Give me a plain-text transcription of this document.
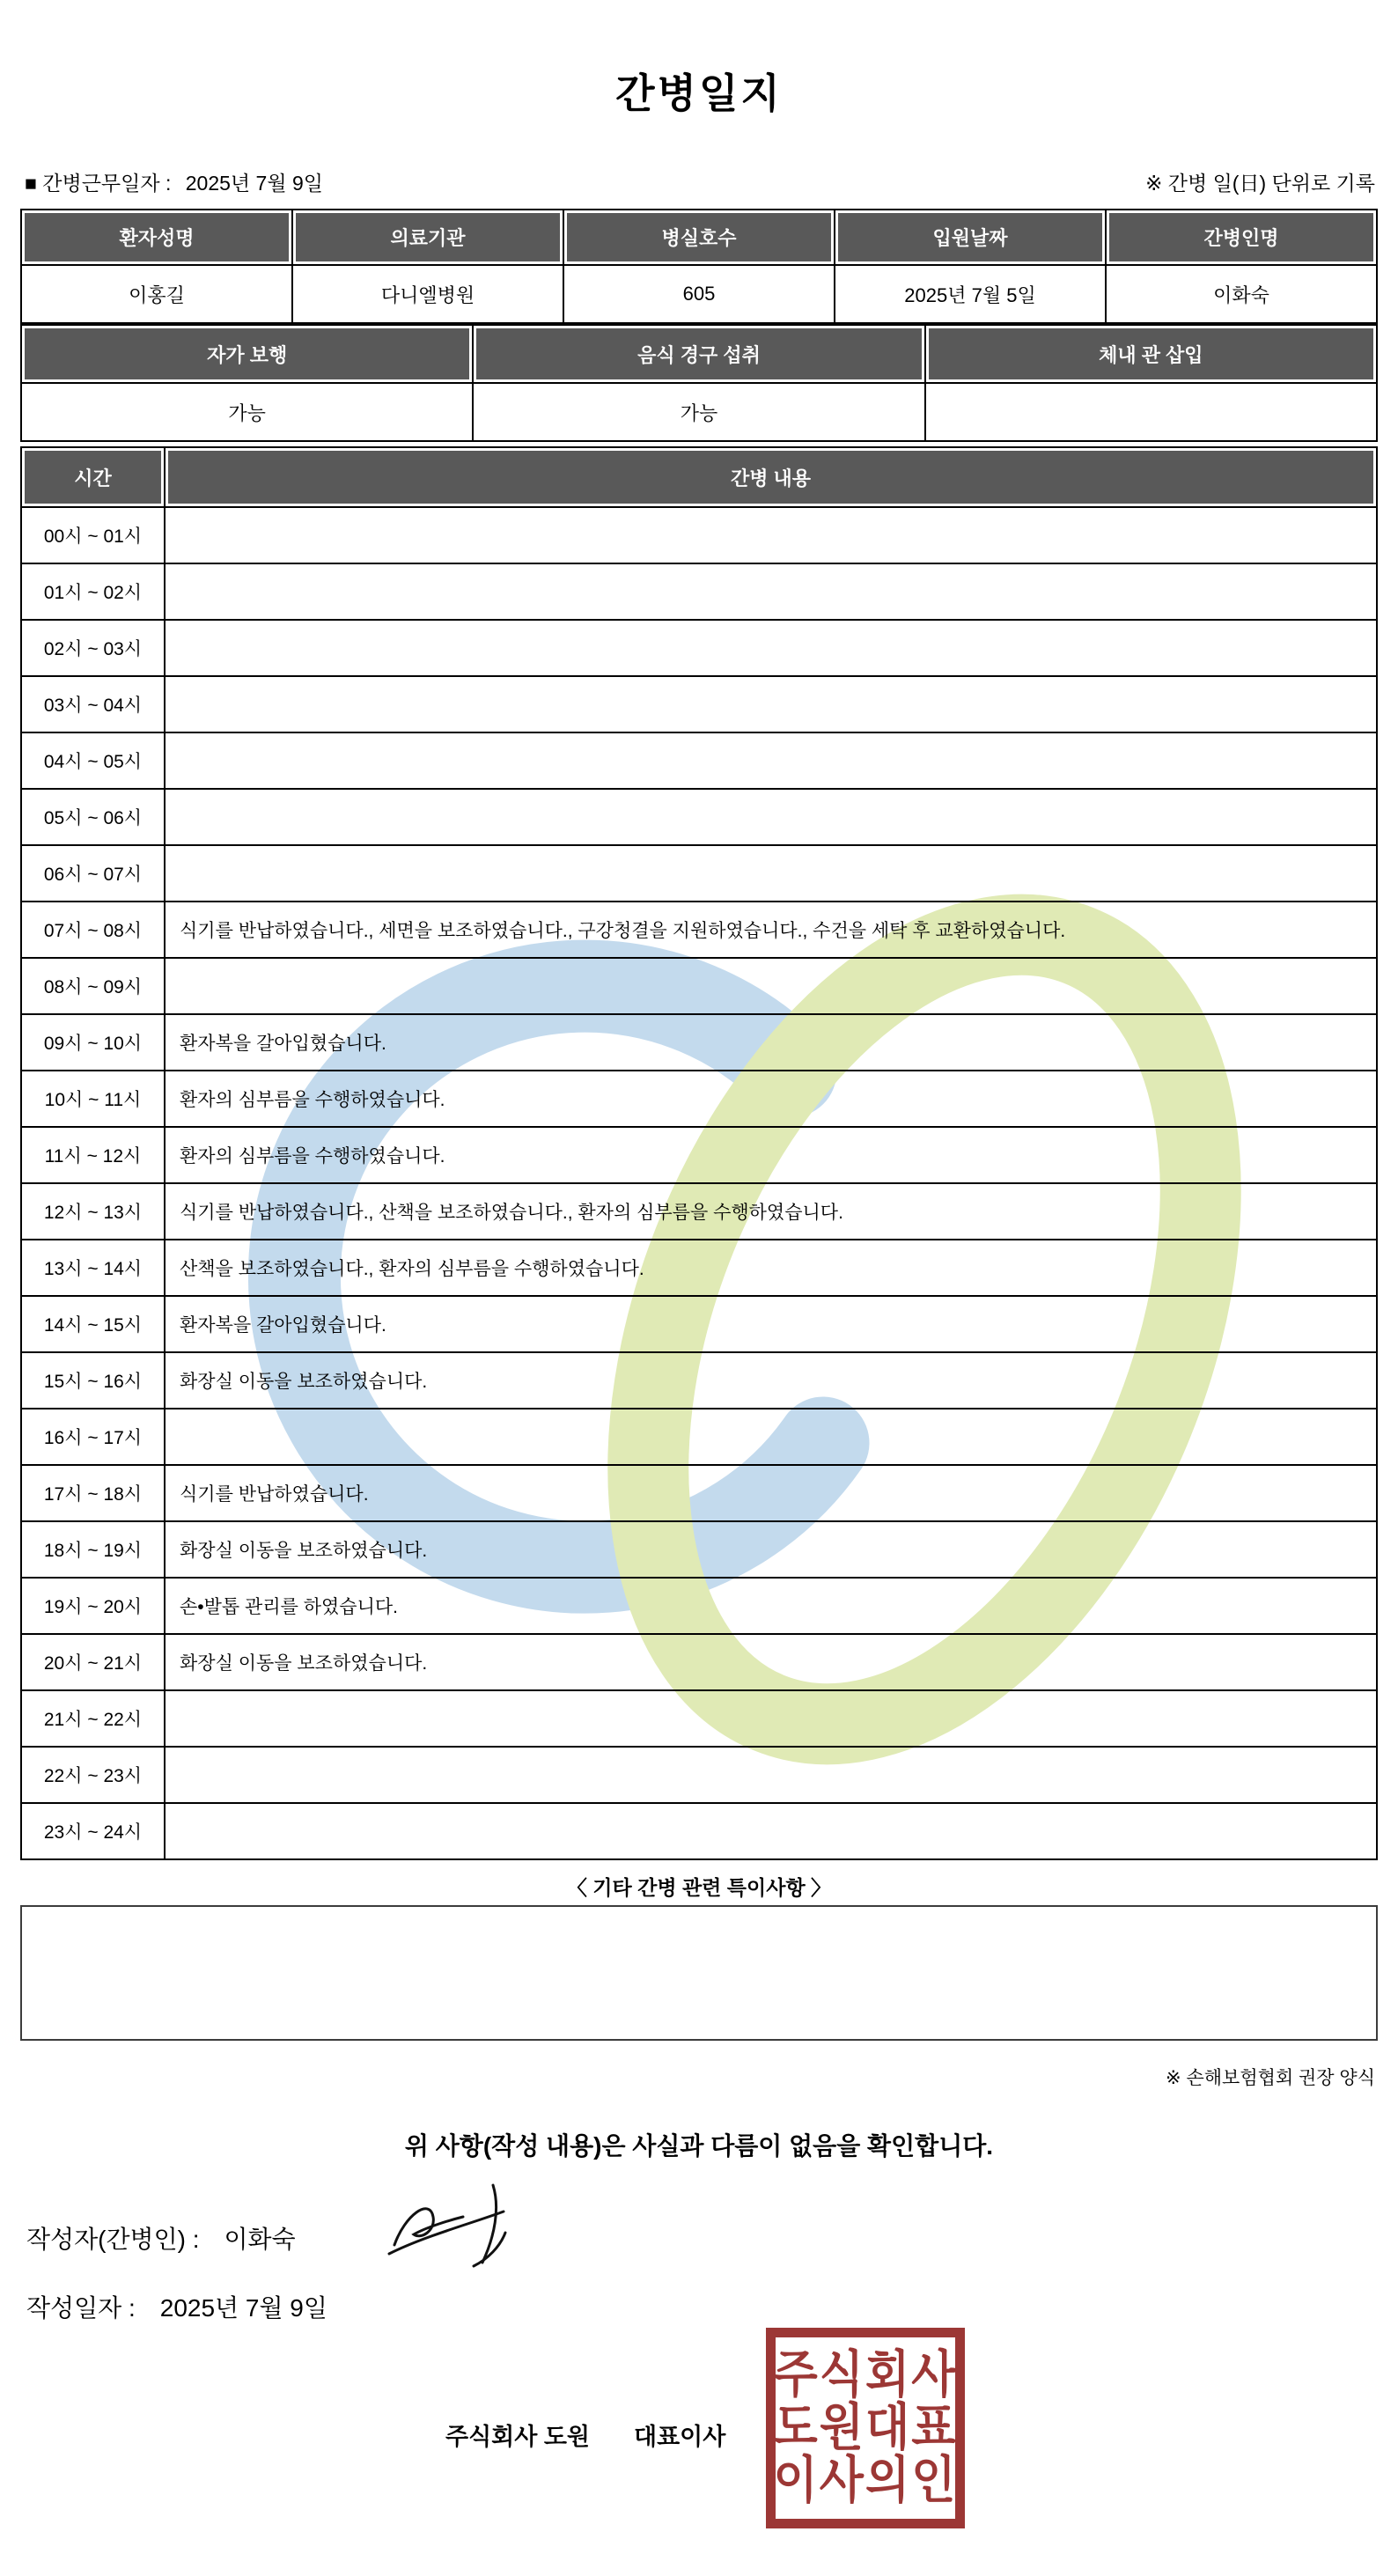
간병일지
■ 간병근무일자 : 2025년 7월 9일	※ 간병 일(日) 단위로 기록
환자성명	의료기관	병실호수	입원날짜	간병인명
이홍길	다니엘병원	605	2025년 7월 5일	이화숙
자가 보행	음식 경구 섭취	체내 관 삽입
가능	가능	
시간	간병 내용
00시 ~ 01시	
01시 ~ 02시	
02시 ~ 03시	
03시 ~ 04시	
04시 ~ 05시	
05시 ~ 06시	
06시 ~ 07시	
07시 ~ 08시	식기를 반납하였습니다., 세면을 보조하였습니다., 구강청결을 지원하였습니다., 수건을 세탁 후 교환하였습니다.
08시 ~ 09시	
09시 ~ 10시	환자복을 갈아입혔습니다.
10시 ~ 11시	환자의 심부름을 수행하였습니다.
11시 ~ 12시	환자의 심부름을 수행하였습니다.
12시 ~ 13시	식기를 반납하였습니다., 산책을 보조하였습니다., 환자의 심부름을 수행하였습니다.
13시 ~ 14시	산책을 보조하였습니다., 환자의 심부름을 수행하였습니다.
14시 ~ 15시	환자복을 갈아입혔습니다.
15시 ~ 16시	화장실 이동을 보조하였습니다.
16시 ~ 17시	
17시 ~ 18시	식기를 반납하였습니다.
18시 ~ 19시	화장실 이동을 보조하였습니다.
19시 ~ 20시	손•발톱 관리를 하였습니다.
20시 ~ 21시	화장실 이동을 보조하였습니다.
21시 ~ 22시	
22시 ~ 23시	
23시 ~ 24시	
〈 기타 간병 관련 특이사항 〉
※ 손해보험협회 권장 양식
위 사항(작성 내용)은 사실과 다름이 없음을 확인합니다.
작성자(간병인) : 이화숙
작성일자 : 2025년 7월 9일
주식회사 도원 대표이사
주식회사
도원대표
이사의인
